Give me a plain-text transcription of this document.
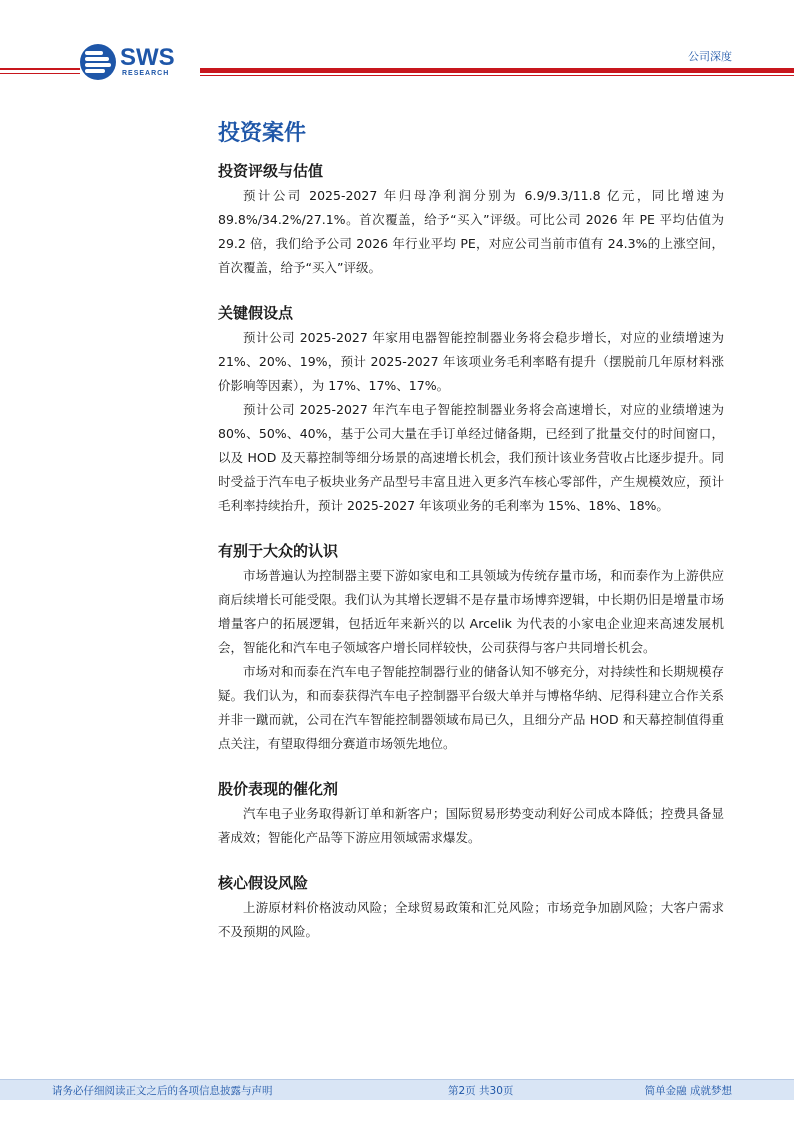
SWS
RESEARCH
公司深度
投资案件
投资评级与估值

预计公司 2025-2027 年归母净利润分别为 6.9/9.3/11.8 亿元，同比增速为 89.8%/34.2%/27.1%。首次覆盖，给予“买入”评级。可比公司 2026 年 PE 平均估值为 29.2 倍，我们给予公司 2026 年行业平均 PE，对应公司当前市值有 24.3%的上涨空间，首次覆盖，给予“买入”评级。

关键假设点

预计公司 2025-2027 年家用电器智能控制器业务将会稳步增长，对应的业绩增速为 21%、20%、19%，预计 2025-2027 年该项业务毛利率略有提升（摆脱前几年原材料涨价影响等因素），为 17%、17%、17%。

预计公司 2025-2027 年汽车电子智能控制器业务将会高速增长，对应的业绩增速为 80%、50%、40%，基于公司大量在手订单经过储备期，已经到了批量交付的时间窗口，以及 HOD 及天幕控制等细分场景的高速增长机会，我们预计该业务营收占比逐步提升。同时受益于汽车电子板块业务产品型号丰富且进入更多汽车核心零部件，产生规模效应，预计毛利率持续抬升，预计 2025-2027 年该项业务的毛利率为 15%、18%、18%。

有别于大众的认识

市场普遍认为控制器主要下游如家电和工具领域为传统存量市场，和而泰作为上游供应商后续增长可能受限。我们认为其增长逻辑不是存量市场博弈逻辑，中长期仍旧是增量市场增量客户的拓展逻辑，包括近年来新兴的以 Arcelik 为代表的小家电企业迎来高速发展机会，智能化和汽车电子领域客户增长同样较快，公司获得与客户共同增长机会。

市场对和而泰在汽车电子智能控制器行业的储备认知不够充分，对持续性和长期规模存疑。我们认为，和而泰获得汽车电子控制器平台级大单并与博格华纳、尼得科建立合作关系并非一蹴而就，公司在汽车智能控制器领域布局已久，且细分产品 HOD 和天幕控制值得重点关注，有望取得细分赛道市场领先地位。

股价表现的催化剂

汽车电子业务取得新订单和新客户；国际贸易形势变动利好公司成本降低；控费具备显著成效；智能化产品等下游应用领域需求爆发。

核心假设风险

上游原材料价格波动风险；全球贸易政策和汇兑风险；市场竞争加剧风险；大客户需求不及预期的风险。

请务必仔细阅读正文之后的各项信息披露与声明	第2页 共30页	简单金融 成就梦想
